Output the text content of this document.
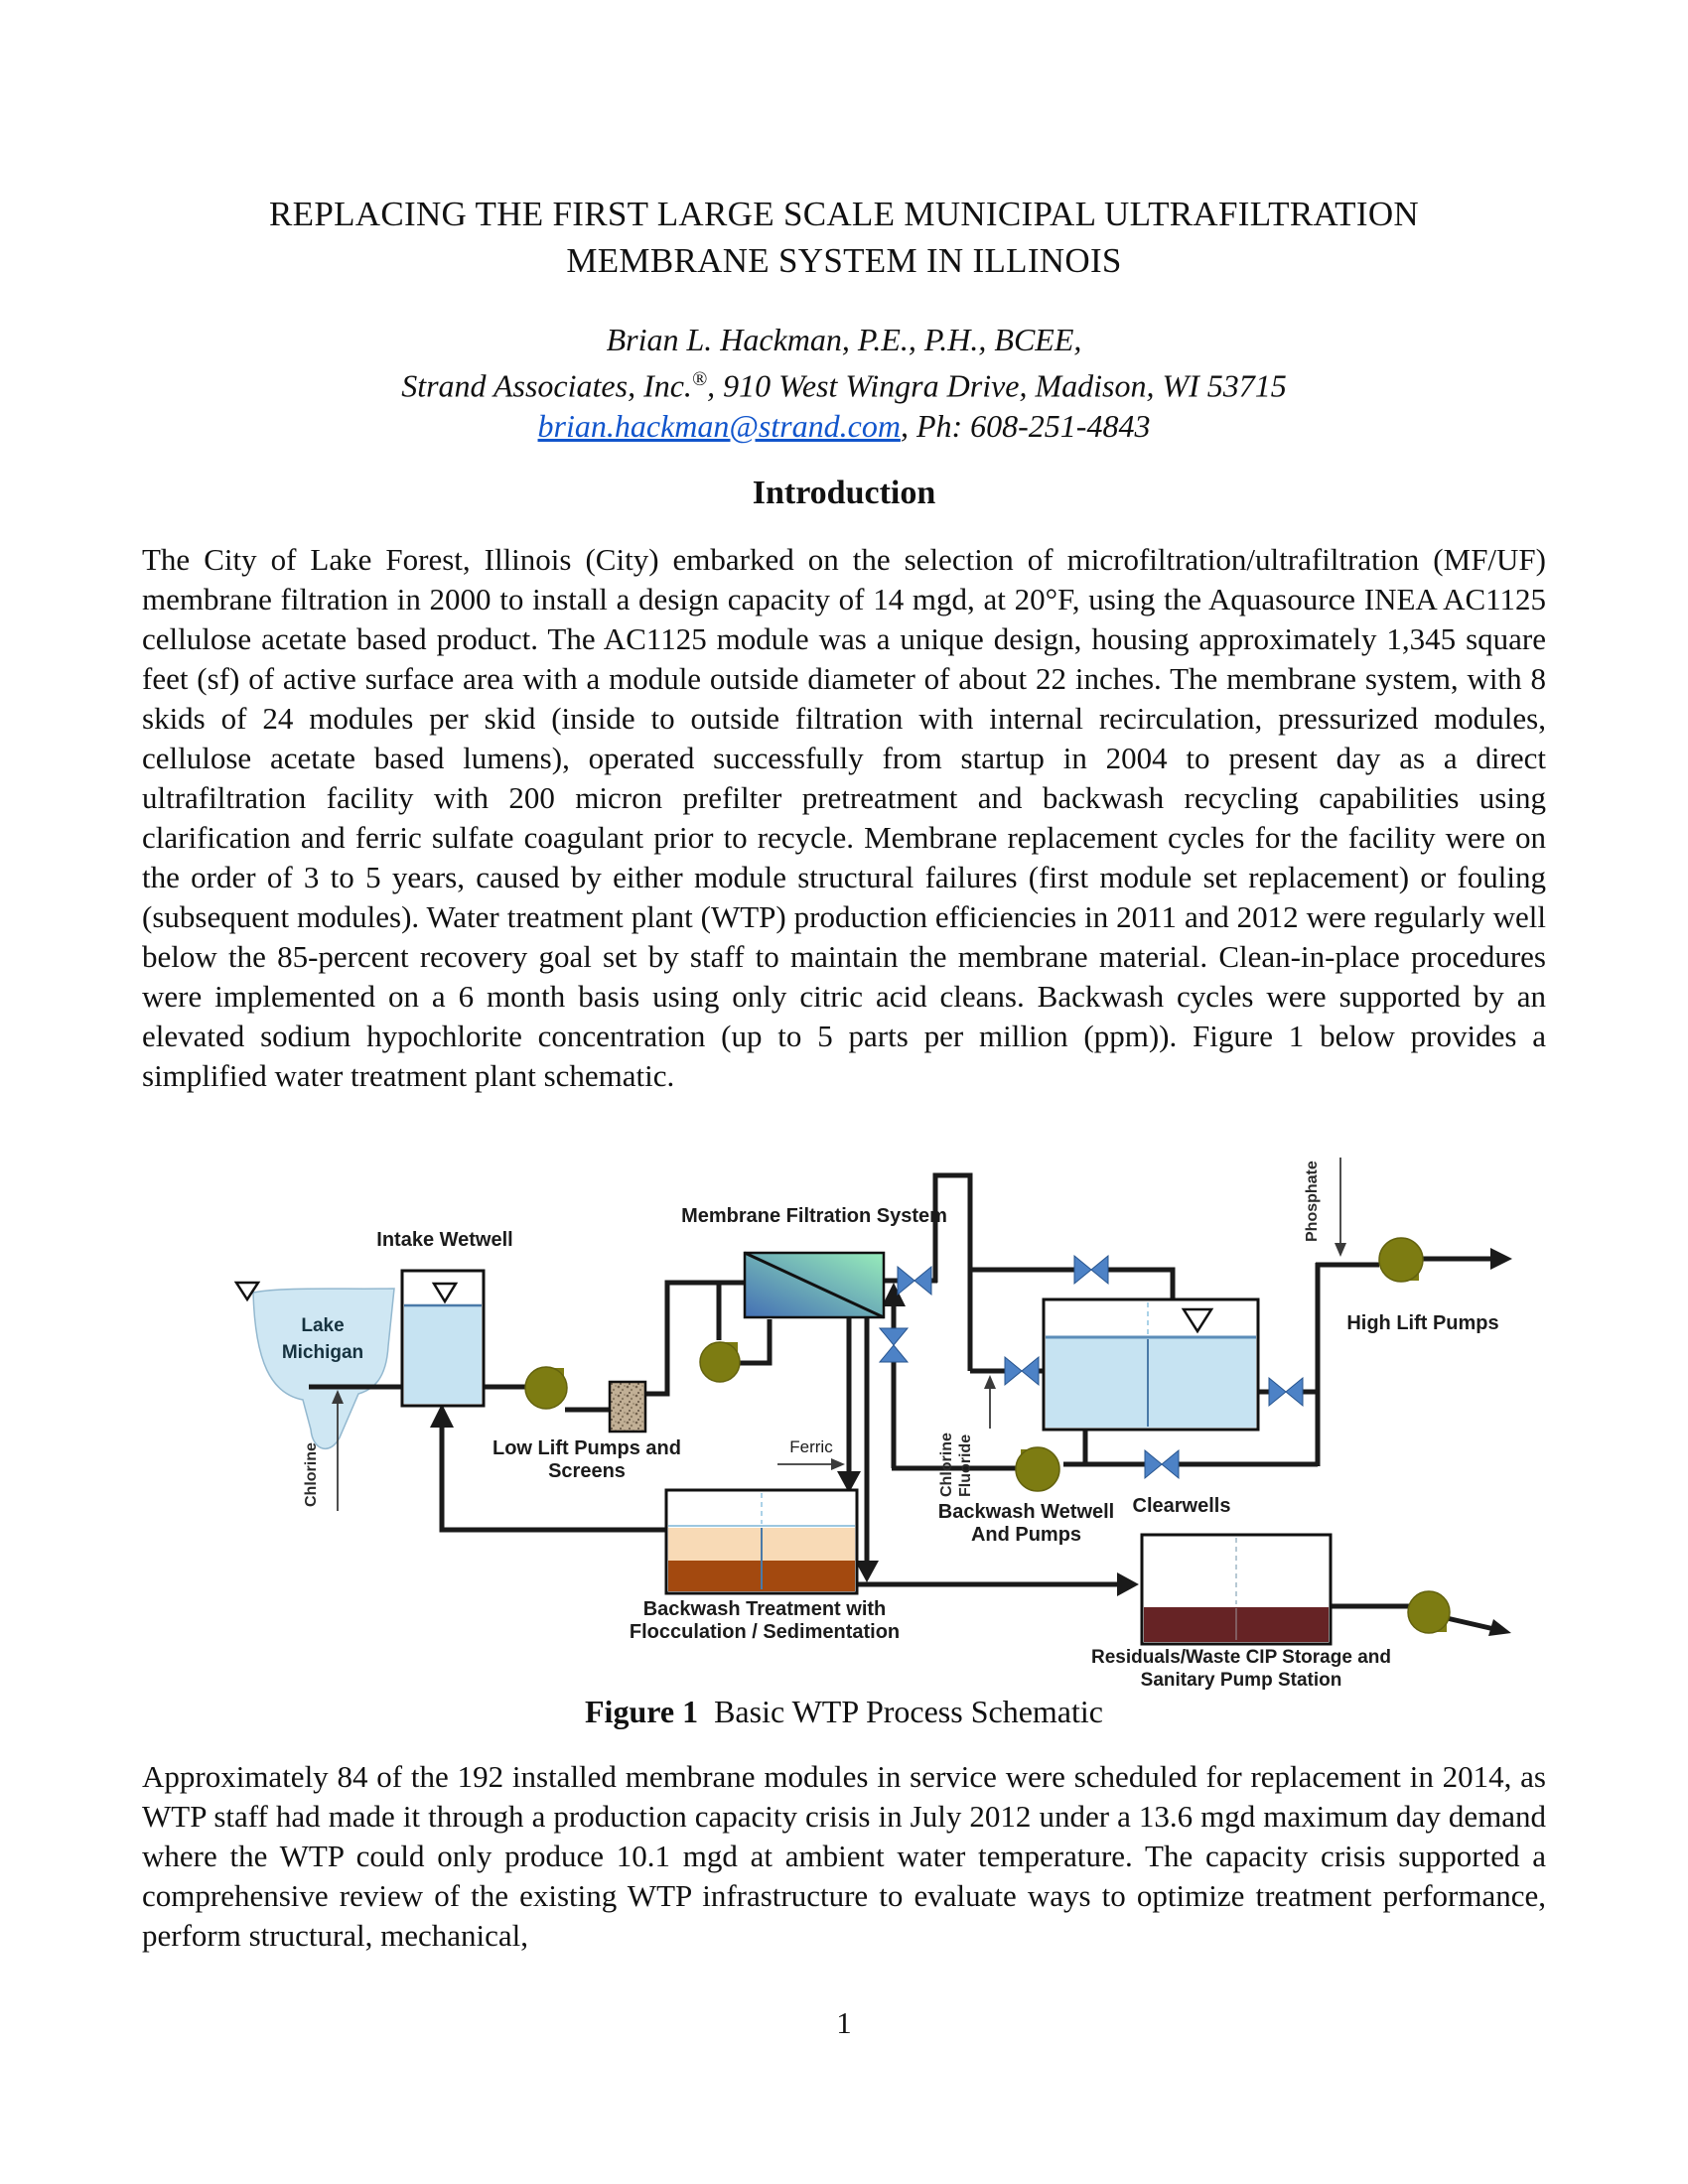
REPLACING THE FIRST LARGE SCALE MUNICIPAL ULTRAFILTRATION
MEMBRANE SYSTEM IN ILLINOIS
Brian L. Hackman, P.E., P.H., BCEE,
Strand Associates, Inc.®, 910 West Wingra Drive, Madison, WI 53715
brian.hackman@strand.com, Ph: 608-251-4843
Introduction
The City of Lake Forest, Illinois (City) embarked on the selection of microfiltration/ultrafiltration (MF/UF) membrane filtration in 2000 to install a design capacity of 14 mgd, at 20°F, using the Aquasource INEA AC1125 cellulose acetate based product. The AC1125 module was a unique design, housing approximately 1,345 square feet (sf) of active surface area with a module outside diameter of about 22 inches. The membrane system, with 8 skids of 24 modules per skid (inside to outside filtration with internal recirculation, pressurized modules, cellulose acetate based lumens), operated successfully from startup in 2004 to present day as a direct ultrafiltration facility with 200 micron prefilter pretreatment and backwash recycling capabilities using clarification and ferric sulfate coagulant prior to recycle. Membrane replacement cycles for the facility were on the order of 3 to 5 years, caused by either module structural failures (first module set replacement) or fouling (subsequent modules). Water treatment plant (WTP) production efficiencies in 2011 and 2012 were regularly well below the 85-percent recovery goal set by staff to maintain the membrane material. Clean-in-place procedures were implemented on a 6 month basis using only citric acid cleans. Backwash cycles were supported by an elevated sodium hypochlorite concentration (up to 5 parts per million (ppm)). Figure 1 below provides a simplified water treatment plant schematic.
Intake Wetwell
Lake
Michigan
Membrane Filtration System
Low Lift Pumps and Screens
Ferric
Chlorine	Chlorine Fluoride
Phosphate
High Lift Pumps
Clearwells
Backwash Wetwell
And Pumps
Backwash Treatment with
Flocculation / Sedimentation
Residuals/Waste CIP Storage and
Sanitary Pump Station
Figure 1 Basic WTP Process Schematic
Approximately 84 of the 192 installed membrane modules in service were scheduled for replacement in 2014, as WTP staff had made it through a production capacity crisis in July 2012 under a 13.6 mgd maximum day demand where the WTP could only produce 10.1 mgd at ambient water temperature. The capacity crisis supported a comprehensive review of the existing WTP infrastructure to evaluate ways to optimize treatment performance, perform structural, mechanical,
1
